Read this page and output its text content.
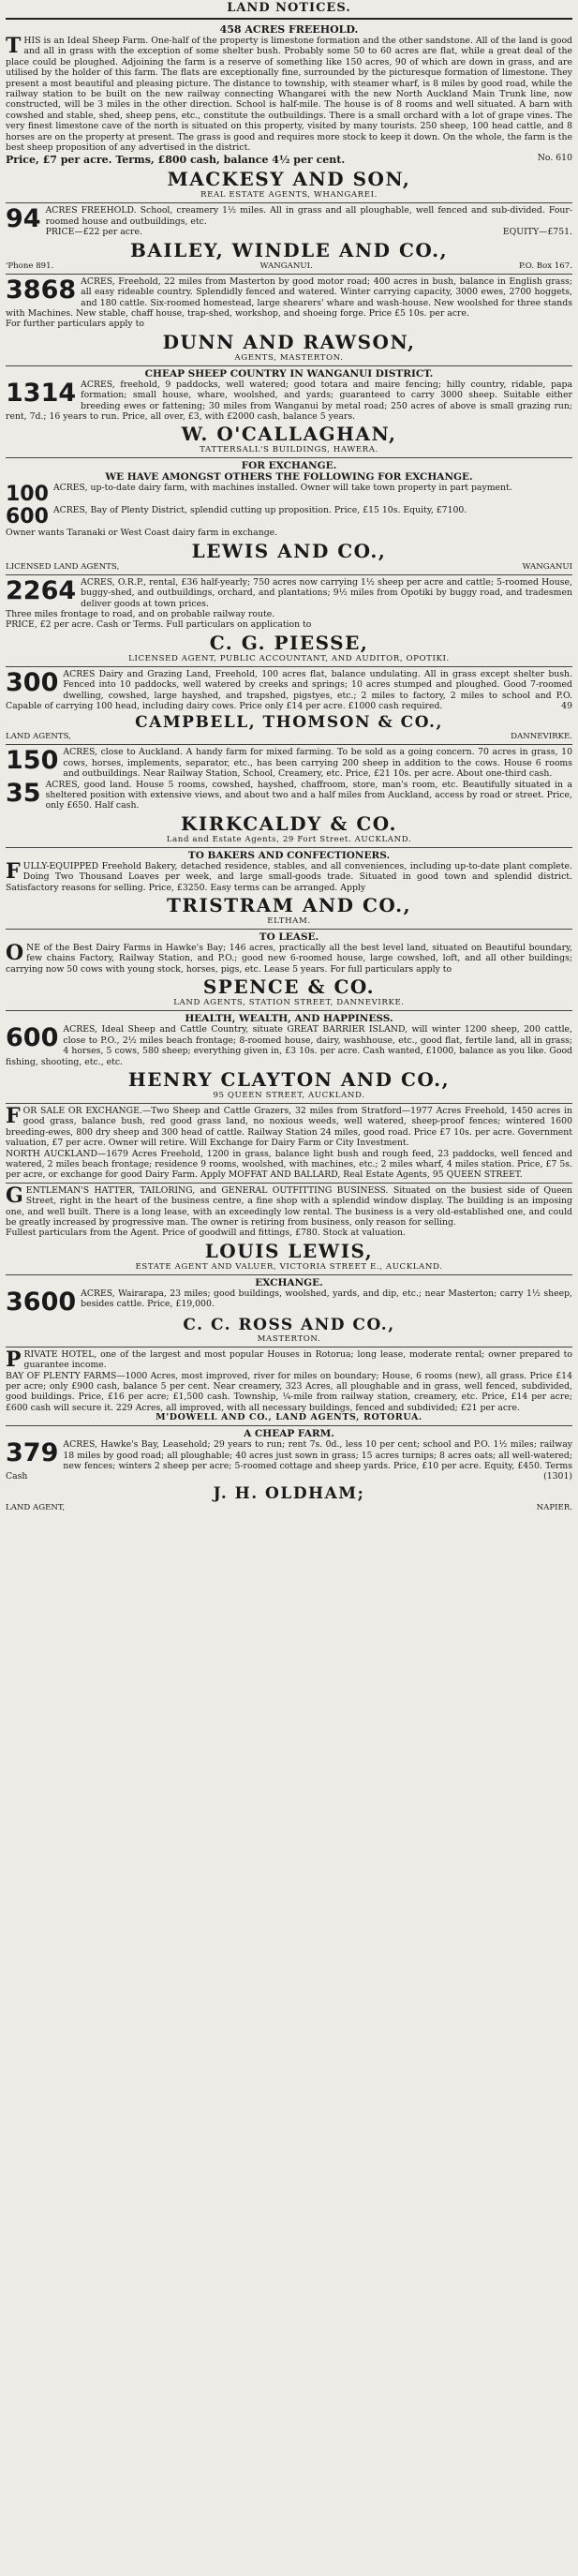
LAND NOTICES.
458 ACRES FREEHOLD.

THIS is an Ideal Sheep Farm. One-half of the property is limestone formation and the other sandstone. All of the land is good and all in grass with the exception of some shelter bush. Probably some 50 to 60 acres are flat, while a great deal of the place could be ploughed. Adjoining the farm is a reserve of something like 150 acres, 90 of which are down in grass, and are utilised by the holder of this farm. The flats are exceptionally fine, surrounded by the picturesque formation of limestone. They present a most beautiful and pleasing picture. The distance to township, with steamer wharf, is 8 miles by good road, while the railway station to be built on the new railway connecting Whangarei with the new North Auckland Main Trunk line, now constructed, will be 3 miles in the other direction. School is half-mile. The house is of 8 rooms and well situated. A barn with cowshed and stable, shed, sheep pens, etc., constitute the outbuildings. There is a small orchard with a lot of grape vines. The very finest limestone cave of the north is situated on this property, visited by many tourists. 250 sheep, 100 head cattle, and 8 horses are on the property at present. The grass is good and requires more stock to keep it down. On the whole, the farm is the best sheep proposition of any advertised in the district.

Price, £7 per acre. Terms, £800 cash, balance 4½ per cent.	No. 610
MACKESY AND SON,
REAL ESTATE AGENTS, WHANGAREI.

94 ACRES FREEHOLD. School, creamery 1½ miles. All in grass and all ploughable, well fenced and sub-divided. Four-roomed house and outbuildings, etc.

PRICE—£22 per acre.	EQUITY—£751.
BAILEY, WINDLE AND CO.,
'Phone 891.	WANGANUI.	P.O. Box 167.

3868 ACRES, Freehold, 22 miles from Masterton by good motor road; 400 acres in bush, balance in English grass; all easy rideable country. Splendidly fenced and watered. Winter carrying capacity, 3000 ewes, 2700 hoggets, and 180 cattle. Six-roomed homestead, large shearers' whare and wash-house. New woolshed for three stands with Machines. New stable, chaff house, trap-shed, workshop, and shoeing forge. Price £5 10s. per acre.

For further particulars apply to

DUNN AND RAWSON,
AGENTS, MASTERTON.
CHEAP SHEEP COUNTRY IN WANGANUI DISTRICT.

1314 ACRES, freehold, 9 paddocks, well watered; good totara and maire fencing; hilly country, ridable, papa formation; small house, whare, woolshed, and yards; guaranteed to carry 3000 sheep. Suitable either breeding ewes or fattening; 30 miles from Wanganui by metal road; 250 acres of above is small grazing run; rent, 7d.; 16 years to run. Price, all over, £3, with £2000 cash, balance 5 years.

W. O'CALLAGHAN,
TATTERSALL'S BUILDINGS, HAWERA.
FOR EXCHANGE.
WE HAVE AMONGST OTHERS THE FOLLOWING FOR EXCHANGE.

100 ACRES, up-to-date dairy farm, with machines installed. Owner will take town property in part payment.

600 ACRES, Bay of Plenty District, splendid cutting up proposition. Price, £15 10s. Equity, £7100.

Owner wants Taranaki or West Coast dairy farm in exchange.

LEWIS AND CO.,
LICENSED LAND AGENTS,	WANGANUI

2264 ACRES, O.R.P., rental, £36 half-yearly; 750 acres now carrying 1½ sheep per acre and cattle; 5-roomed House, buggy-shed, and outbuildings, orchard, and plantations; 9½ miles from Opotiki by buggy road, and tradesmen deliver goods at town prices.

Three miles frontage to road, and on probable railway route.

PRICE, £2 per acre. Cash or Terms. Full particulars on application to

C. G. PIESSE,
LICENSED AGENT, PUBLIC ACCOUNTANT, AND AUDITOR, OPOTIKI.

300 ACRES Dairy and Grazing Land, Freehold, 100 acres flat, balance undulating. All in grass except shelter bush. Fenced into 10 paddocks, well watered by creeks and springs; 10 acres stumped and ploughed. Good 7-roomed dwelling, cowshed, large hayshed, and trapshed, pigstyes, etc.; 2 miles to factory, 2 miles to school and P.O. Capable of carrying 100 head, including dairy cows. Price only £14 per acre. £1000 cash required.	49

CAMPBELL, THOMSON & CO.,
LAND AGENTS,	DANNEVIRKE.

150 ACRES, close to Auckland. A handy farm for mixed farming. To be sold as a going concern. 70 acres in grass, 10 cows, horses, implements, separator, etc., has been carrying 200 sheep in addition to the cows. House 6 rooms and outbuildings. Near Railway Station, School, Creamery, etc. Price, £21 10s. per acre. About one-third cash.

35 ACRES, good land. House 5 rooms, cowshed, hayshed, chaffroom, store, man's room, etc. Beautifully situated in a sheltered position with extensive views, and about two and a half miles from Auckland, access by road or street. Price, only £650. Half cash.

KIRKCALDY & CO.
Land and Estate Agents, 29 Fort Street. AUCKLAND.
TO BAKERS AND CONFECTIONERS.

FULLY-EQUIPPED Freehold Bakery, detached residence, stables, and all conveniences, including up-to-date plant complete. Doing Two Thousand Loaves per week, and large small-goods trade. Situated in good town and splendid district. Satisfactory reasons for selling. Price, £3250. Easy terms can be arranged. Apply

TRISTRAM AND CO.,
ELTHAM.
TO LEASE.

ONE of the Best Dairy Farms in Hawke's Bay; 146 acres, practically all the best level land, situated on Beautiful boundary, few chains Factory, Railway Station, and P.O.; good new 6-roomed house, large cowshed, loft, and all other buildings; carrying now 50 cows with young stock, horses, pigs, etc. Lease 5 years. For full particulars apply to

SPENCE & CO.
LAND AGENTS, STATION STREET, DANNEVIRKE.
HEALTH, WEALTH, AND HAPPINESS.

600 ACRES, Ideal Sheep and Cattle Country, situate GREAT BARRIER ISLAND, will winter 1200 sheep, 200 cattle, close to P.O., 2½ miles beach frontage; 8-roomed house, dairy, washhouse, etc., good flat, fertile land, all in grass; 4 horses, 5 cows, 580 sheep; everything given in, £3 10s. per acre. Cash wanted, £1000, balance as you like. Good fishing, shooting, etc., etc.

HENRY CLAYTON AND CO.,
95 QUEEN STREET, AUCKLAND.

FOR SALE OR EXCHANGE.—Two Sheep and Cattle Grazers, 32 miles from Stratford—1977 Acres Freehold, 1450 acres in good grass, balance bush, red good grass land, no noxious weeds, well watered, sheep-proof fences; wintered 1600 breeding-ewes, 800 dry sheep and 300 head of cattle. Railway Station 24 miles, good road. Price £7 10s. per acre. Government valuation, £7 per acre. Owner will retire. Will Exchange for Dairy Farm or City Investment.

NORTH AUCKLAND—1679 Acres Freehold, 1200 in grass, balance light bush and rough feed, 23 paddocks, well fenced and watered, 2 miles beach frontage; residence 9 rooms, woolshed, with machines, etc.; 2 miles wharf, 4 miles station. Price, £7 5s. per acre, or exchange for good Dairy Farm. Apply MOFFAT AND BALLARD, Real Estate Agents, 95 QUEEN STREET.

GENTLEMAN'S HATTER, TAILORING, and GENERAL OUTFITTING BUSINESS. Situated on the busiest side of Queen Street, right in the heart of the business centre, a fine shop with a splendid window display. The building is an imposing one, and well built. There is a long lease, with an exceedingly low rental. The business is a very old-established one, and could be greatly increased by progressive man. The owner is retiring from business, only reason for selling.

Fullest particulars from the Agent. Price of goodwill and fittings, £780. Stock at valuation.

LOUIS LEWIS,
ESTATE AGENT AND VALUER, VICTORIA STREET E., AUCKLAND.
EXCHANGE.

3600 ACRES, Wairarapa, 23 miles; good buildings, woolshed, yards, and dip, etc.; near Masterton; carry 1½ sheep, besides cattle. Price, £19,000.

C. C. ROSS AND CO.,
MASTERTON.

PRIVATE HOTEL, one of the largest and most popular Houses in Rotorua; long lease, moderate rental; owner prepared to guarantee income.

BAY OF PLENTY FARMS—1000 Acres, most improved, river for miles on boundary; House, 6 rooms (new), all grass. Price £14 per acre; only £900 cash, balance 5 per cent. Near creamery, 323 Acres, all ploughable and in grass, well fenced, subdivided, good buildings. Price, £16 per acre; £1,500 cash. Township, ¼-mile from railway station, creamery, etc. Price, £14 per acre; £600 cash will secure it. 229 Acres, all improved, with all necessary buildings, fenced and subdivided; £21 per acre.

M'DOWELL AND CO., LAND AGENTS, ROTORUA.
A CHEAP FARM.

379 ACRES, Hawke's Bay, Leasehold; 29 years to run; rent 7s. 0d., less 10 per cent; school and P.O. 1½ miles; railway 18 miles by good road; all ploughable; 40 acres just sown in grass; 15 acres turnips; 8 acres oats; all well-watered; new fences; winters 2 sheep per acre; 5-roomed cottage and sheep yards. Price, £10 per acre. Equity, £450. Terms Cash	(1301)

J. H. OLDHAM;
LAND AGENT,	NAPIER.
